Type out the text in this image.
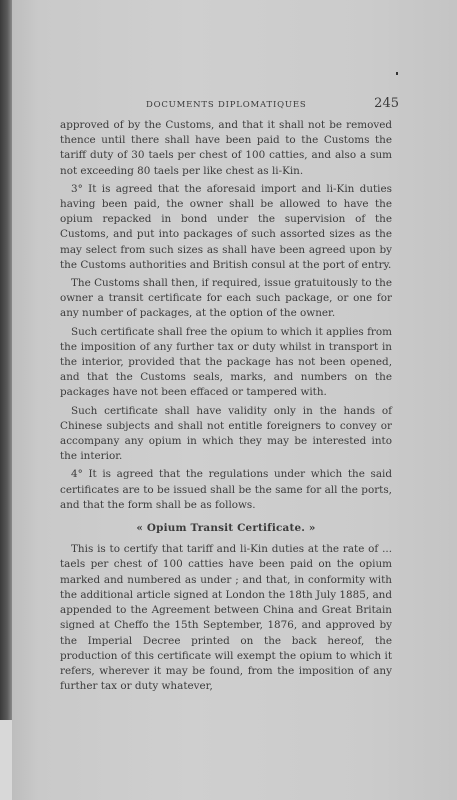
DOCUMENTS DIPLOMATIQUES	245

approved of by the Customs, and that it shall not be removed thence until there shall have been paid to the Customs the tariff duty of 30 taels per chest of 100 catties, and also a sum not exceeding 80 taels per like chest as li-Kin.

3° It is agreed that the aforesaid import and li-Kin duties having been paid, the owner shall be allowed to have the opium repacked in bond under the supervision of the Customs, and put into packages of such assorted sizes as the may select from such sizes as shall have been agreed upon by the Customs authorities and British consul at the port of entry.

The Customs shall then, if required, issue gratuitously to the owner a transit certificate for each such package, or one for any number of packages, at the option of the owner.

Such certificate shall free the opium to which it applies from the imposition of any further tax or duty whilst in transport in the interior, provided that the package has not been opened, and that the Customs seals, marks, and numbers on the packages have not been effaced or tampered with.

Such certificate shall have validity only in the hands of Chinese subjects and shall not entitle foreigners to convey or accompany any opium in which they may be interested into the interior.

4° It is agreed that the regulations under which the said certificates are to be issued shall be the same for all the ports, and that the form shall be as follows.

« Opium Transit Certificate. »

This is to certify that tariff and li-Kin duties at the rate of ... taels per chest of 100 catties have been paid on the opium marked and numbered as under ; and that, in conformity with the additional article signed at London the 18th July 1885, and appended to the Agreement between China and Great Britain signed at Cheffo the 15th September, 1876, and approved by the Imperial Decree printed on the back hereof, the production of this certificate will exempt the opium to which it refers, wherever it may be found, from the imposition of any further tax or duty whatever,
